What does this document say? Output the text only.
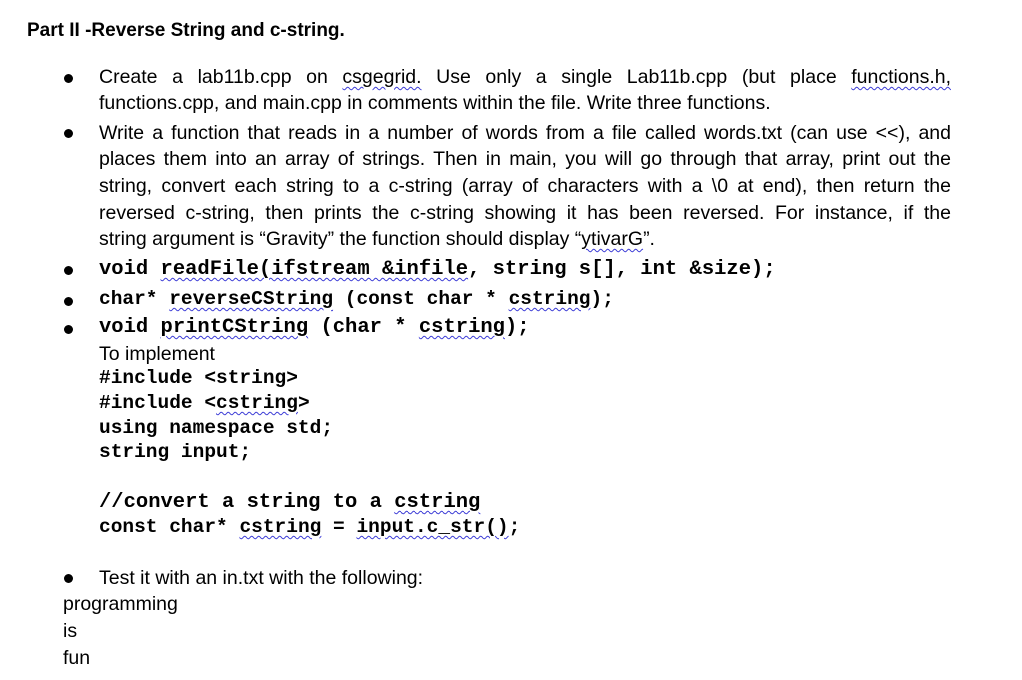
Part II -Reverse String and c-string.
Create a lab11b.cpp on csgegrid. Use only a single Lab11b.cpp (but place functions.h,
functions.cpp, and main.cpp in comments within the file. Write three functions.
Write a function that reads in a number of words from a file called words.txt (can use <<), and
places them into an array of strings. Then in main, you will go through that array, print out the
string, convert each string to a c-string (array of characters with a \0 at end), then return the
reversed c-string, then prints the c-string showing it has been reversed. For instance, if the
string argument is “Gravity” the function should display “ytivarG”.
void readFile(ifstream &infile, string s[], int &size);
char* reverseCString (const char * cstring);
void printCString (char * cstring);
To implement
#include <string>
#include <cstring>
using namespace std;
string input;
//convert a string to a cstring
const char* cstring = input.c_str();
Test it with an in.txt with the following:
programming
is
fun
